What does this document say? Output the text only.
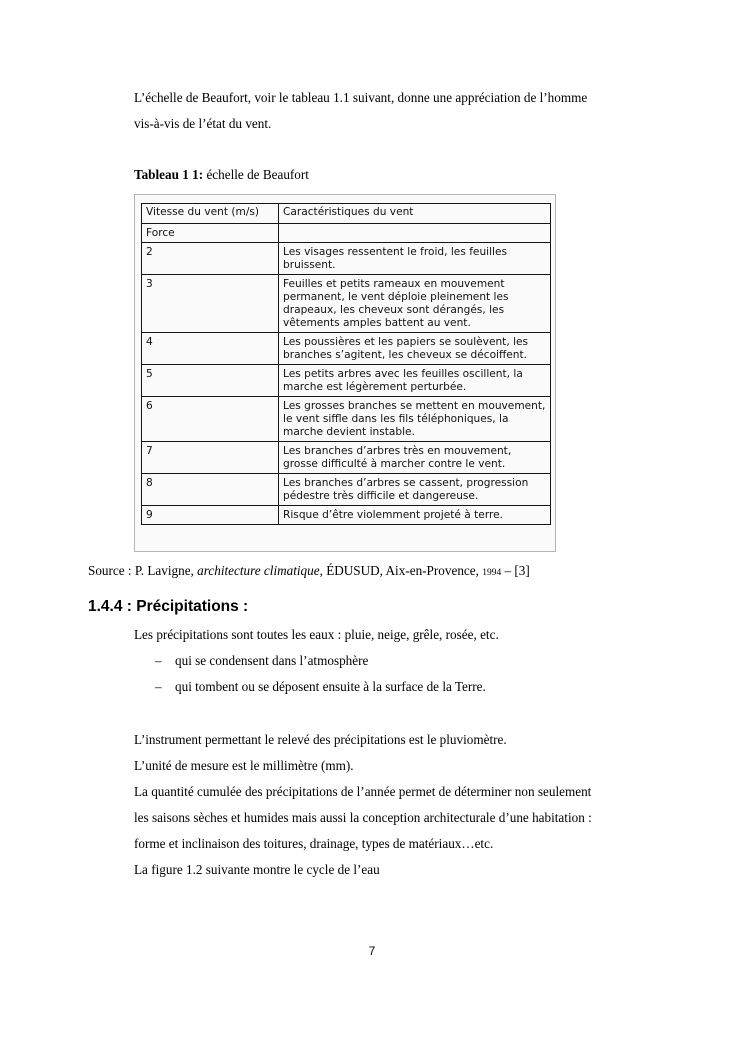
L’échelle de Beaufort, voir le tableau 1.1 suivant, donne une appréciation de l’homme
vis-à-vis de l’état du vent.
Tableau 1 1: échelle de Beaufort
Vitesse du vent (m/s)	Caractéristiques du vent
Force	
2	Les visages ressentent le froid, les feuilles bruissent.
3	Feuilles et petits rameaux en mouvement permanent, le vent déploie pleinement les drapeaux, les cheveux sont dérangés, les vêtements amples battent au vent.
4	Les poussières et les papiers se soulèvent, les branches s’agitent, les cheveux se décoiffent.
5	Les petits arbres avec les feuilles oscillent, la marche est légèrement perturbée.
6	Les grosses branches se mettent en mouvement, le vent siffle dans les fils téléphoniques, la marche devient instable.
7	Les branches d’arbres très en mouvement, grosse difficulté à marcher contre le vent.
8	Les branches d’arbres se cassent, progression pédestre très difficile et dangereuse.
9	Risque d’être violemment projeté à terre.
Source : P. Lavigne, architecture climatique, ÉDUSUD, Aix-en-Provence, 1994 – [3]
1.4.4 : Précipitations :
Les précipitations sont toutes les eaux : pluie, neige, grêle, rosée, etc.
– qui se condensent dans l’atmosphère
– qui tombent ou se déposent ensuite à la surface de la Terre.
L’instrument permettant le relevé des précipitations est le pluviomètre.
L’unité de mesure est le millimètre (mm).
La quantité cumulée des précipitations de l’année permet de déterminer non seulement
les saisons sèches et humides mais aussi la conception architecturale d’une habitation :
forme et inclinaison des toitures, drainage, types de matériaux…etc.
La figure 1.2 suivante montre le cycle de l’eau
7
